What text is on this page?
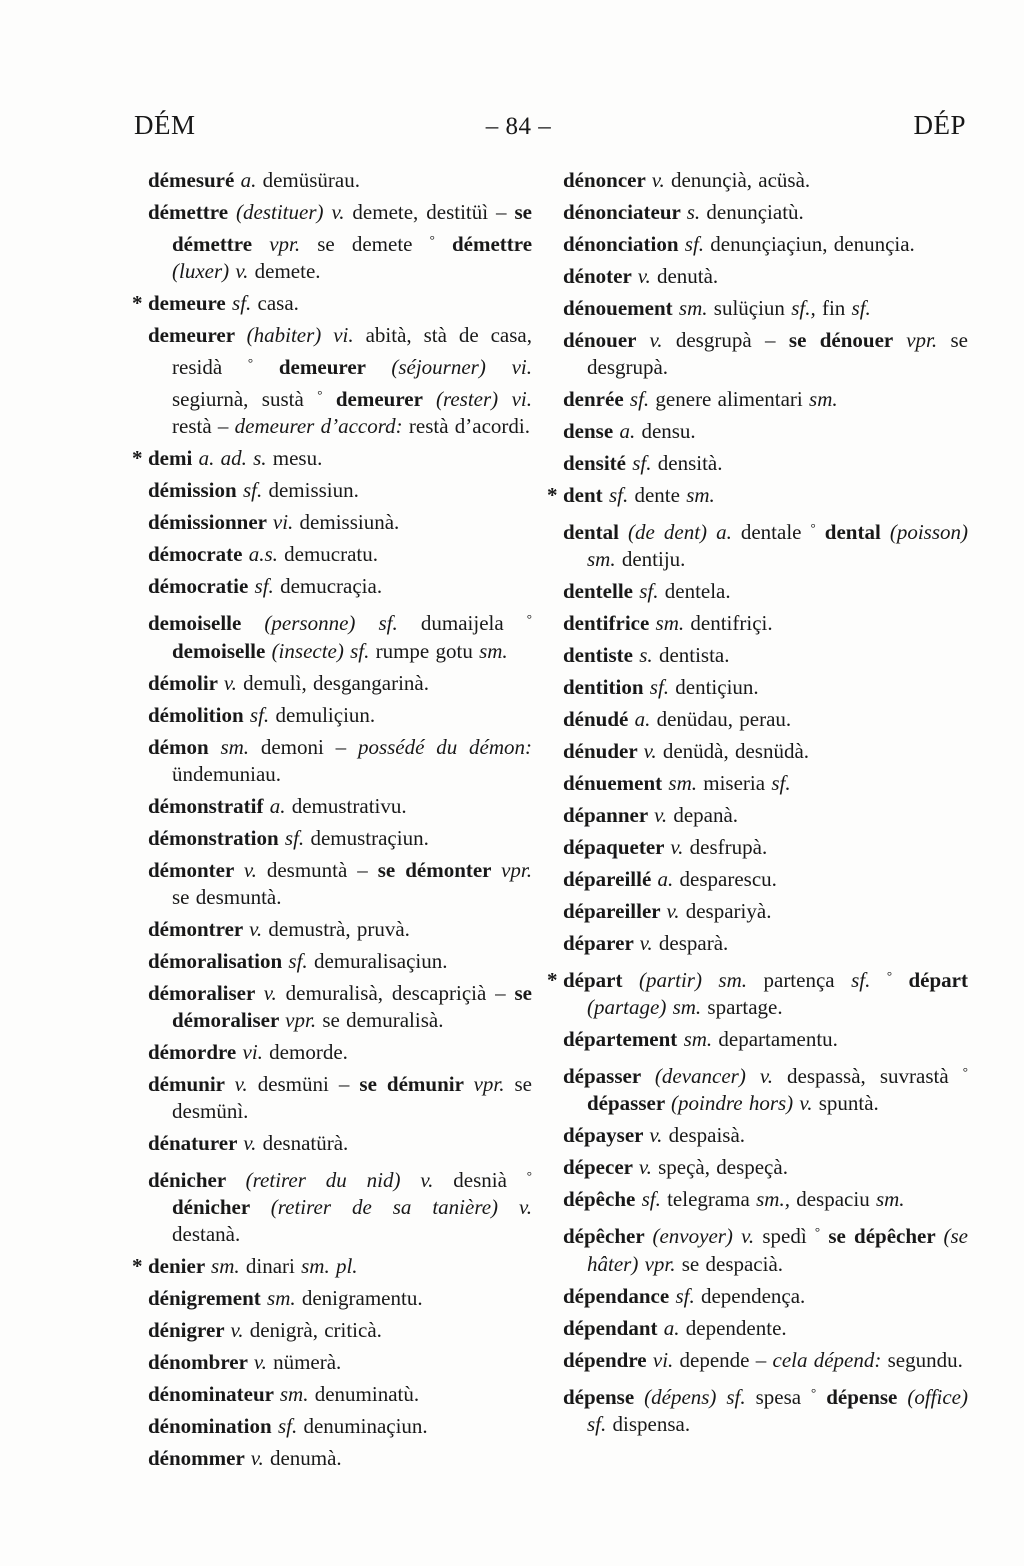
DÉM	– 84 –	DÉP

démesuré a. demüsürau.

démettre (destituer) v. demete, destitüì – se démettre vpr. se demete ° démettre (luxer) v. demete.

* demeure sf. casa.

demeurer (habiter) vi. abità, stà de casa, residà ° demeurer (séjourner) vi. segiurnà, sustà ° demeurer (rester) vi. restà – demeurer d’accord: restà d’acordi.

* demi a. ad. s. mesu.

démission sf. demissiun.

démissionner vi. demissiunà.

démocrate a.s. demucratu.

démocratie sf. demucraçia.

demoiselle (personne) sf. dumaijela ° demoiselle (insecte) sf. rumpe gotu sm.

démolir v. demulì, desgangarinà.

démolition sf. demuliçiun.

démon sm. demoni – possédé du démon: ündemuniau.

démonstratif a. demustrativu.

démonstration sf. demustraçiun.

démonter v. desmuntà – se démonter vpr. se desmuntà.

démontrer v. demustrà, pruvà.

démoralisation sf. demuralisaçiun.

démoraliser v. demuralisà, descapriçià – se démoraliser vpr. se demuralisà.

démordre vi. demorde.

démunir v. desmüni – se démunir vpr. se desmünì.

dénaturer v. desnatürà.

dénicher (retirer du nid) v. desnià ° dénicher (retirer de sa tanière) v. destanà.

* denier sm. dinari sm. pl.

dénigrement sm. denigramentu.

dénigrer v. denigrà, criticà.

dénombrer v. nümerà.

dénominateur sm. denuminatù.

dénomination sf. denuminaçiun.

dénommer v. denumà.

dénoncer v. denunçià, acüsà.

dénonciateur s. denunçiatù.

dénonciation sf. denunçiaçiun, denunçia.

dénoter v. denutà.

dénouement sm. sulüçiun sf., fin sf.

dénouer v. desgrupà – se dénouer vpr. se desgrupà.

denrée sf. genere alimentari sm.

dense a. densu.

densité sf. densità.

* dent sf. dente sm.

dental (de dent) a. dentale ° dental (poisson) sm. dentiju.

dentelle sf. dentela.

dentifrice sm. dentifriçi.

dentiste s. dentista.

dentition sf. dentiçiun.

dénudé a. denüdau, perau.

dénuder v. denüdà, desnüdà.

dénuement sm. miseria sf.

dépanner v. depanà.

dépaqueter v. desfrupà.

dépareillé a. desparescu.

dépareiller v. despariyà.

déparer v. desparà.

* départ (partir) sm. partença sf. ° départ (partage) sm. spartage.

département sm. departamentu.

dépasser (devancer) v. despassà, suvrastà ° dépasser (poindre hors) v. spuntà.

dépayser v. despaisà.

dépecer v. speçà, despeçà.

dépêche sf. telegrama sm., despaciu sm.

dépêcher (envoyer) v. spedì ° se dépêcher (se hâter) vpr. se despacià.

dépendance sf. dependença.

dépendant a. dependente.

dépendre vi. depende – cela dépend: segundu.

dépense (dépens) sf. spesa ° dépense (office) sf. dispensa.
